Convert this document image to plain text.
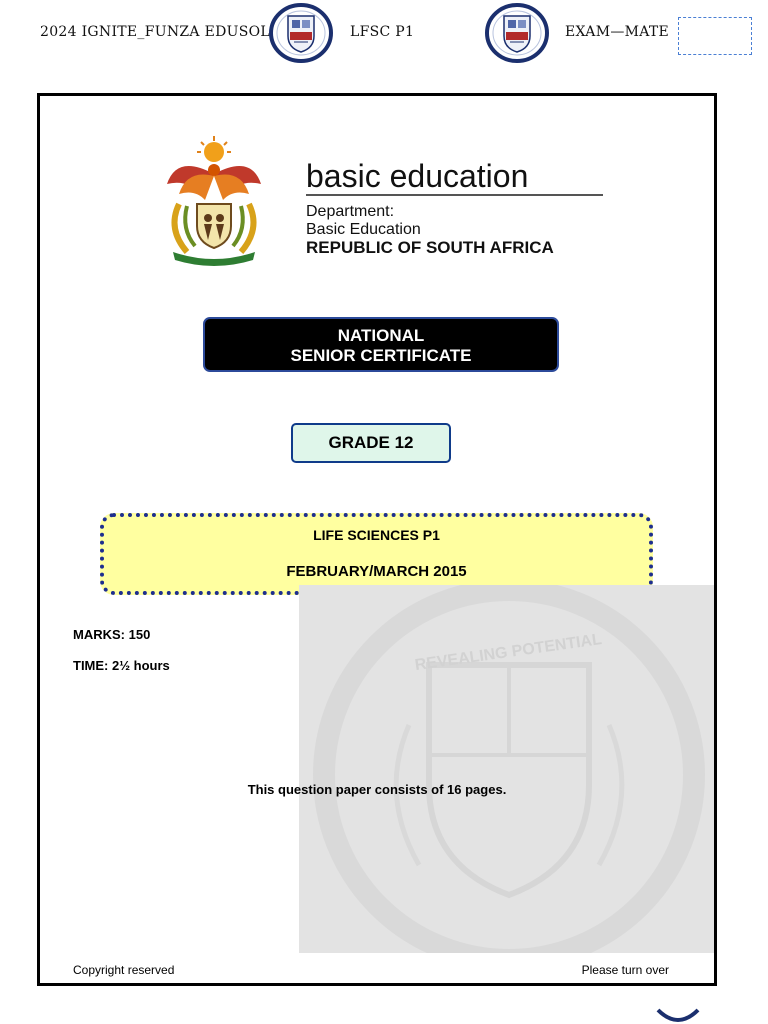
2024 IGNITE_FUNZA EDUSOL	LFSC P1	EXAM—MATE
basic education
Department:
Basic Education
REPUBLIC OF SOUTH AFRICA
NATIONAL
SENIOR CERTIFICATE
GRADE 12
LIFE SCIENCES P1
FEBRUARY/MARCH 2015
REVEALING POTENTIAL
MARKS: 150
TIME: 2½ hours
This question paper consists of 16 pages.
Copyright reserved	Please turn over
